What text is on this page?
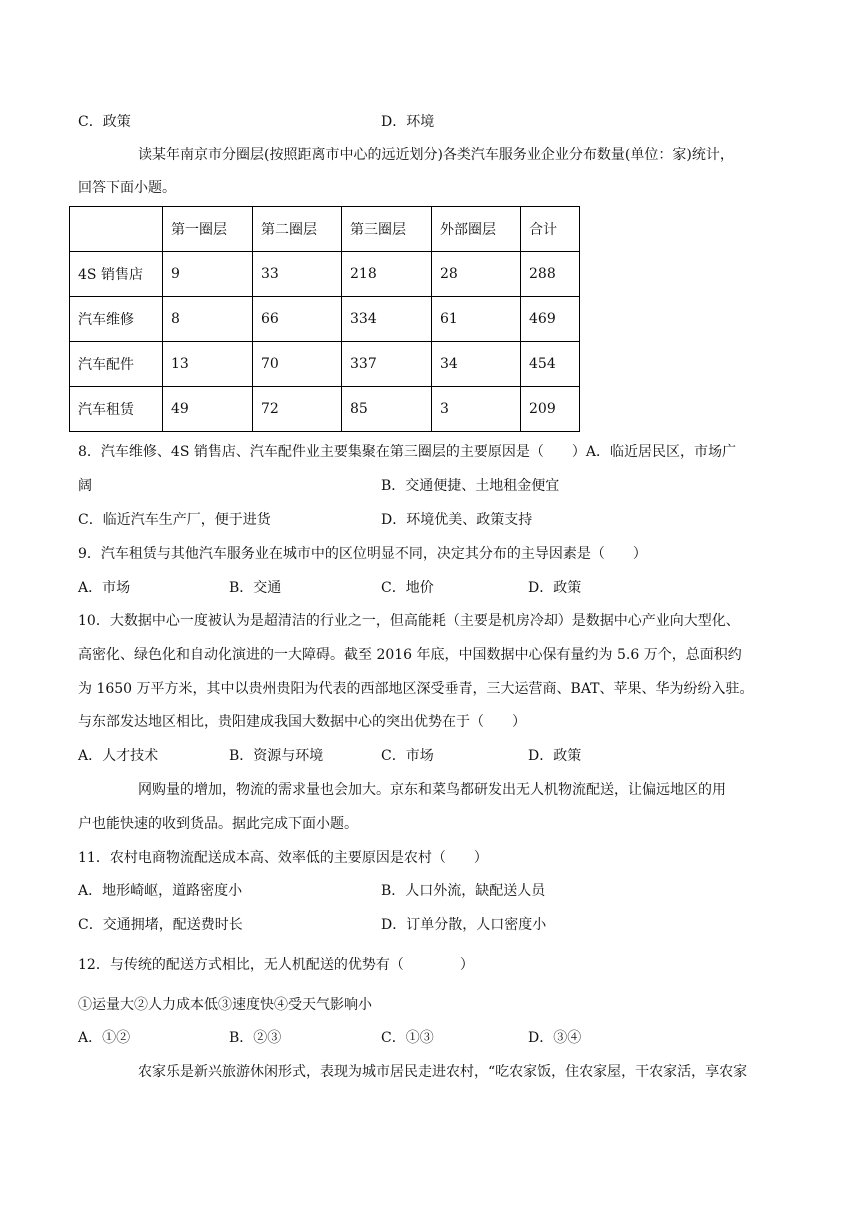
C．政策	D．环境
读某年南京市分圈层(按照距离市中心的远近划分)各类汽车服务业企业分布数量(单位：家)统计，
回答下面小题。
	第一圈层	第二圈层	第三圈层	外部圈层	合计
4S 销售店	9	33	218	28	288
汽车维修	8	66	334	61	469
汽车配件	13	70	337	34	454
汽车租赁	49	72	85	3	209
8．汽车维修、4S 销售店、汽车配件业主要集聚在第三圈层的主要原因是（　　）A．临近居民区，市场广
阔	B．交通便捷、土地租金便宜
C．临近汽车生产厂，便于进货	D．环境优美、政策支持
9．汽车租赁与其他汽车服务业在城市中的区位明显不同，决定其分布的主导因素是（　　）
A．市场	B．交通	C．地价	D．政策
10．大数据中心一度被认为是超清洁的行业之一，但高能耗（主要是机房冷却）是数据中心产业向大型化、
高密化、绿色化和自动化演进的一大障碍。截至 2016 年底，中国数据中心保有量约为 5.6 万个，总面积约
为 1650 万平方米，其中以贵州贵阳为代表的西部地区深受垂青，三大运营商、BAT、苹果、华为纷纷入驻。
与东部发达地区相比，贵阳建成我国大数据中心的突出优势在于（　　）
A．人才技术	B．资源与环境	C．市场	D．政策
网购量的增加，物流的需求量也会加大。京东和菜鸟都研发出无人机物流配送，让偏远地区的用
户也能快速的收到货品。据此完成下面小题。
11．农村电商物流配送成本高、效率低的主要原因是农村（　　）
A．地形崎岖，道路密度小	B．人口外流，缺配送人员
C．交通拥堵，配送费时长	D．订单分散，人口密度小
12．与传统的配送方式相比，无人机配送的优势有（　　　　）
①运量大②人力成本低③速度快④受天气影响小
A．①②	B．②③	C．①③	D．③④
农家乐是新兴旅游休闲形式，表现为城市居民走进农村，“吃农家饭，住农家屋，干农家活，享农家
